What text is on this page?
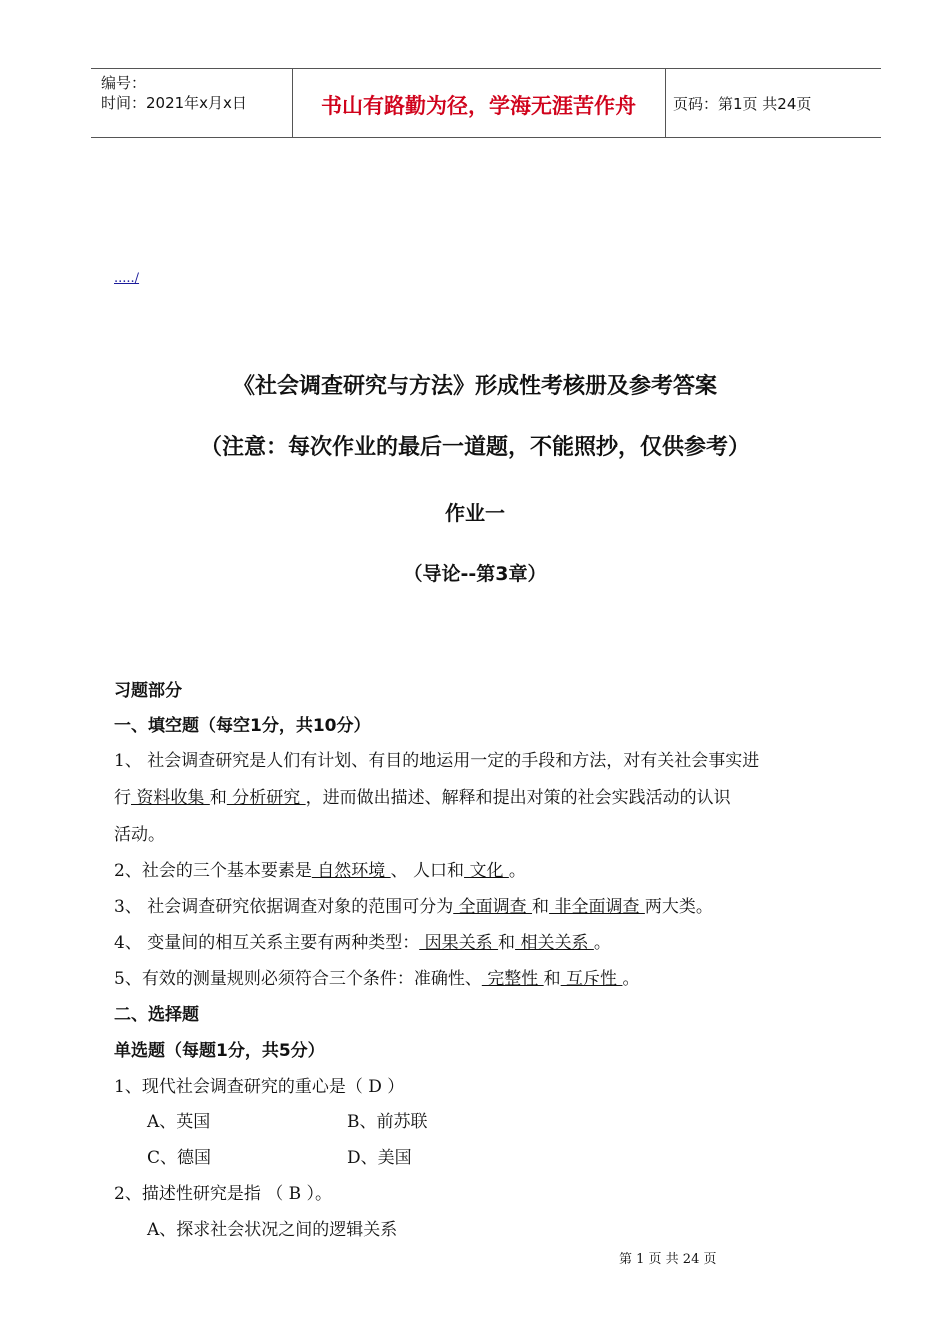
编号：
时间：2021年x月x日	书山有路勤为径，学海无涯苦作舟	页码：第1页 共24页
...../
《社会调查研究与方法》形成性考核册及参考答案
（注意：每次作业的最后一道题，不能照抄，仅供参考）
作业一
（导论--第3章）
习题部分
一、填空题（每空1分，共10分）
1、 社会调查研究是人们有计划、有目的地运用一定的手段和方法，对有关社会事实进
行 资料收集 和 分析研究 ，进而做出描述、解释和提出对策的社会实践活动的认识
活动。
2、社会的三个基本要素是 自然环境 、 人口和 文化 。
3、 社会调查研究依据调查对象的范围可分为 全面调查 和 非全面调查 两大类。
4、 变量间的相互关系主要有两种类型： 因果关系 和 相关关系 。
5、有效的测量规则必须符合三个条件：准确性、 完整性 和 互斥性 。
二、选择题
单选题（每题1分，共5分）
1、现代社会调查研究的重心是（ D ）
A、英国	B、前苏联
C、德国	D、美国
2、描述性研究是指 （ B ）。
A、探求社会状况之间的逻辑关系
第 1 页 共 24 页
